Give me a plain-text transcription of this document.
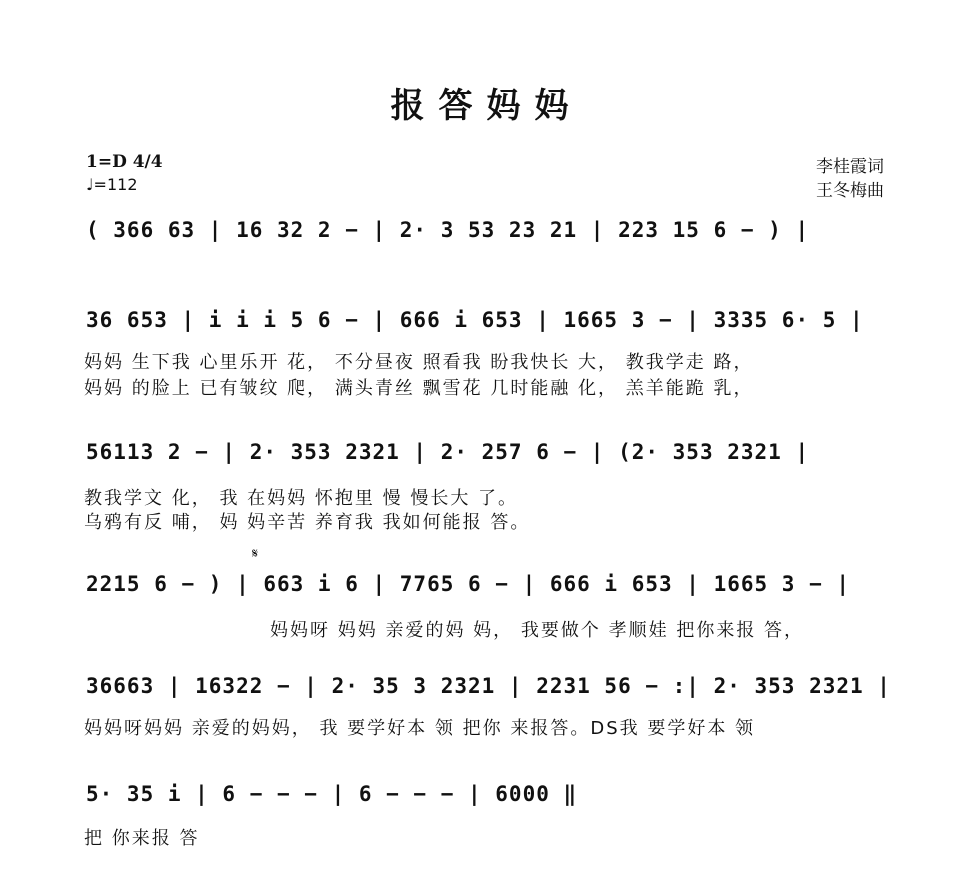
报答妈妈
1=D 4/4
♩=112
李桂霞词
王冬梅曲
( 366 63 | 16 32 2 − | 2· 3 53 23 21 | 223 15 6 − ) |
36 653 | i i i 5 6 − | 666 i 653 | 1665 3 − | 3335 6· 5 |
妈妈 生下我 心里乐开 花， 不分昼夜 照看我 盼我快长 大， 教我学走 路，
妈妈 的脸上 已有皱纹 爬， 满头青丝 飘雪花 几时能融 化， 羔羊能跪 乳，
56113 2 − | 2· 353 2321 | 2· 257 6 − | (2· 353 2321 |
教我学文 化， 我 在妈妈 怀抱里 慢 慢长大 了。
乌鸦有反 哺， 妈 妈辛苦 养育我 我如何能报 答。
𝄋
2215 6 − ) | 663 i 6 | 7765 6 − | 666 i 653 | 1665 3 − |
妈妈呀 妈妈 亲爱的妈 妈， 我要做个 孝顺娃 把你来报 答，
36663 | 16322 − | 2· 35 3 2321 | 2231 56 − :| 2· 353 2321 |
妈妈呀妈妈 亲爱的妈妈， 我 要学好本 领 把你 来报答。DS我 要学好本 领
5· 35 i | 6 − − − | 6 − − − | 6000 ‖
把 你来报 答
